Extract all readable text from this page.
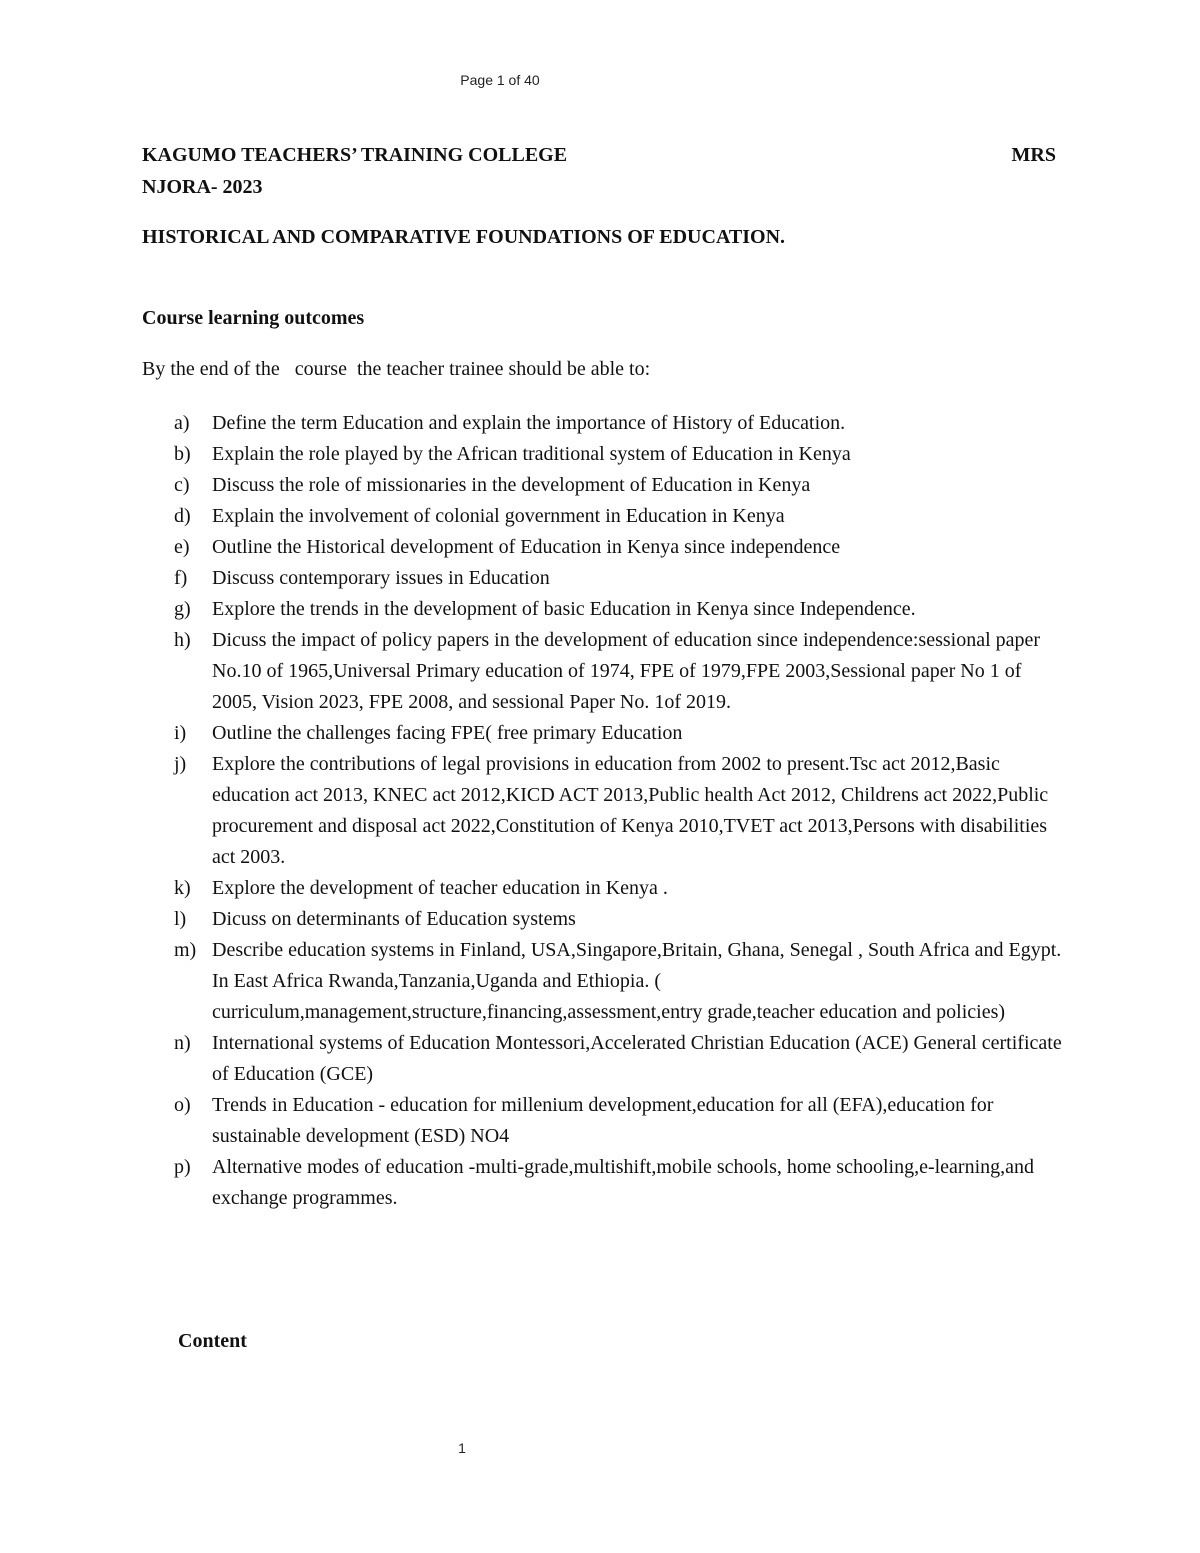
Page 1 of 40
KAGUMO TEACHERS’ TRAINING COLLEGE	MRS
NJORA- 2023
HISTORICAL AND COMPARATIVE FOUNDATIONS OF EDUCATION.
Course learning outcomes
By the end of the   course  the teacher trainee should be able to:
a) Define the term Education and explain the importance of History of Education.
b) Explain the role played by the African traditional system of Education in Kenya
c) Discuss the role of missionaries in the development of Education in Kenya
d) Explain the involvement of colonial government in Education in Kenya
e) Outline the Historical development of Education in Kenya since independence
f) Discuss contemporary issues in Education
g) Explore the trends in the development of basic Education in Kenya since Independence.
h) Dicuss the impact of policy papers in the development of education since independence:sessional paper No.10 of 1965,Universal Primary education of 1974, FPE of 1979,FPE 2003,Sessional paper No 1 of 2005, Vision 2023, FPE 2008, and sessional Paper No. 1of 2019.
i) Outline the challenges facing FPE( free primary Education
j) Explore the contributions of legal provisions in education from 2002 to present.Tsc act 2012,Basic education act 2013, KNEC act 2012,KICD ACT 2013,Public health Act 2012, Childrens act 2022,Public procurement and disposal act 2022,Constitution of Kenya 2010,TVET act 2013,Persons with disabilities act 2003.
k) Explore the development of teacher education in Kenya .
l) Dicuss on determinants of Education systems
m) Describe education systems in Finland, USA,Singapore,Britain, Ghana, Senegal , South Africa and Egypt. In East Africa Rwanda,Tanzania,Uganda and Ethiopia. ( curriculum,management,structure,financing,assessment,entry grade,teacher education and policies)
n) International systems of Education Montessori,Accelerated Christian Education (ACE) General certificate of Education (GCE)
o) Trends in Education - education for millenium development,education for all (EFA),education for sustainable development (ESD) NO4
p) Alternative modes of education -multi-grade,multishift,mobile schools, home schooling,e-learning,and exchange programmes.
Content
1
